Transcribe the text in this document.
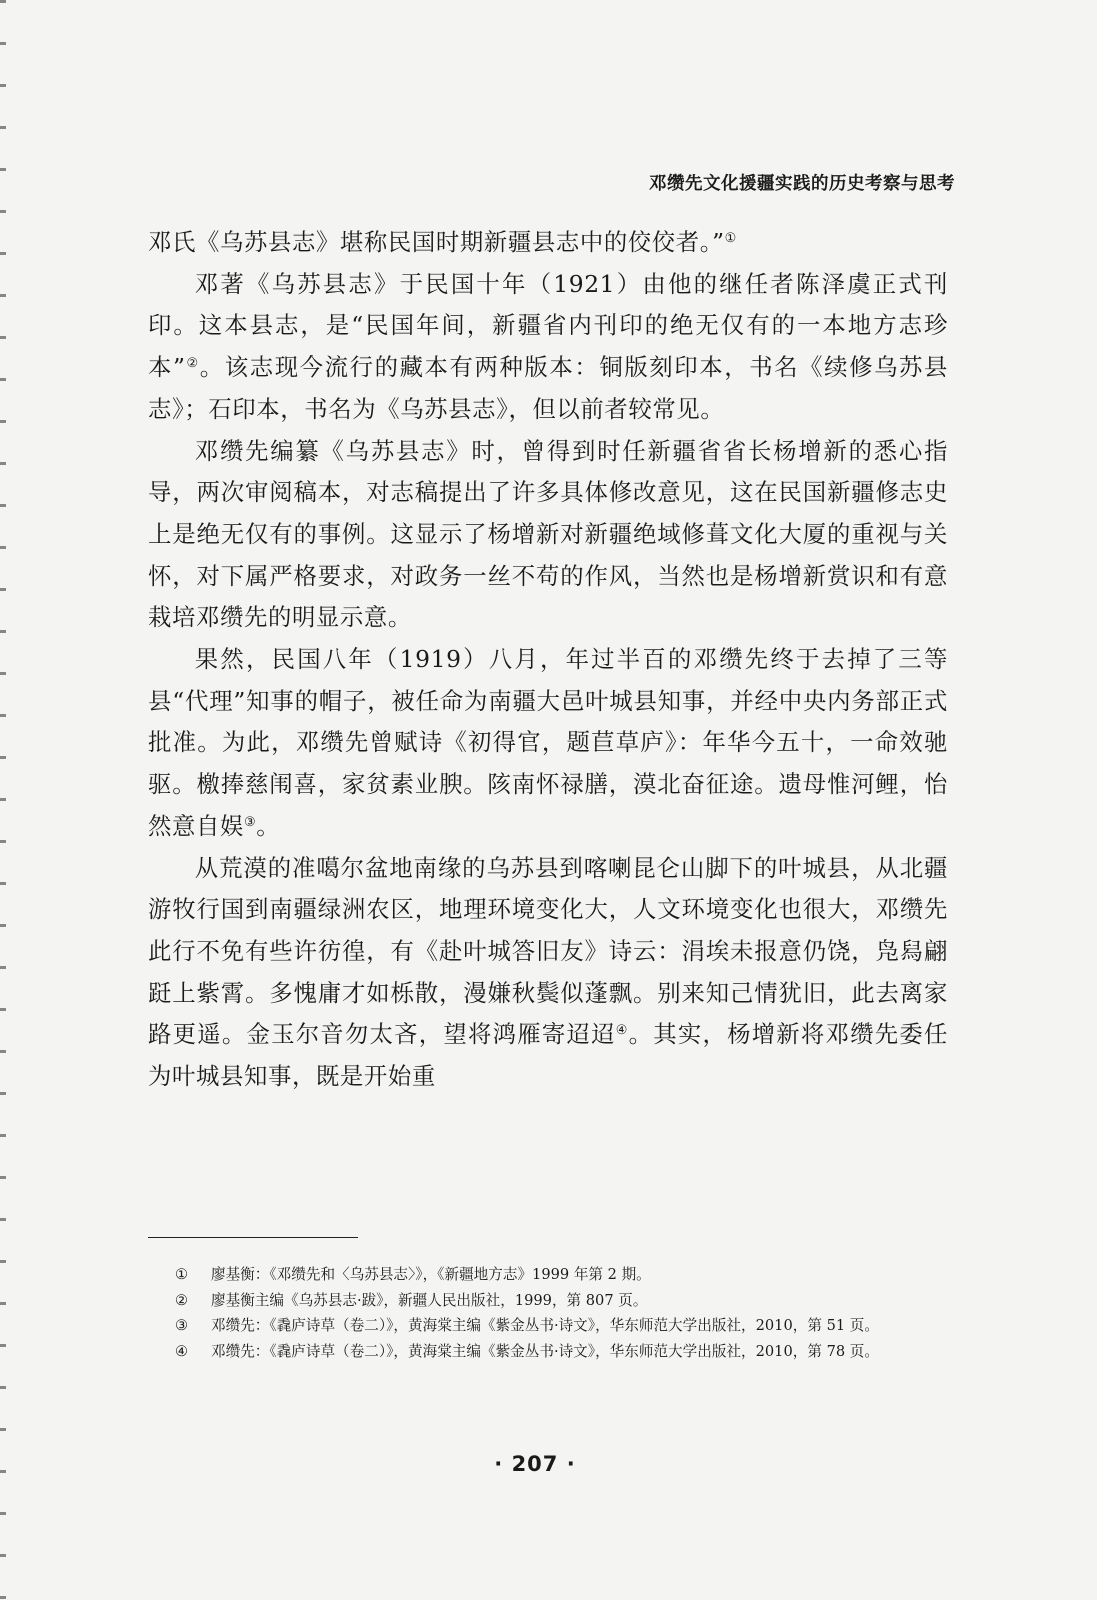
邓缵先文化援疆实践的历史考察与思考

邓氏《乌苏县志》堪称民国时期新疆县志中的佼佼者。”①

邓著《乌苏县志》于民国十年（1921）由他的继任者陈泽虞正式刊印。这本县志，是“民国年间，新疆省内刊印的绝无仅有的一本地方志珍本”②。该志现今流行的藏本有两种版本：铜版刻印本，书名《续修乌苏县志》；石印本，书名为《乌苏县志》，但以前者较常见。

邓缵先编纂《乌苏县志》时，曾得到时任新疆省省长杨增新的悉心指导，两次审阅稿本，对志稿提出了许多具体修改意见，这在民国新疆修志史上是绝无仅有的事例。这显示了杨增新对新疆绝域修葺文化大厦的重视与关怀，对下属严格要求，对政务一丝不苟的作风，当然也是杨增新赏识和有意栽培邓缵先的明显示意。

果然，民国八年（1919）八月，年过半百的邓缵先终于去掉了三等县“代理”知事的帽子，被任命为南疆大邑叶城县知事，并经中央内务部正式批准。为此，邓缵先曾赋诗《初得官，题苣草庐》：年华今五十，一命效驰驱。檄捧慈闱喜，家贫素业腴。陔南怀禄膳，漠北奋征途。遗母惟河鲤，怡然意自娱③。

从荒漠的准噶尔盆地南缘的乌苏县到喀喇昆仑山脚下的叶城县，从北疆游牧行国到南疆绿洲农区，地理环境变化大，人文环境变化也很大，邓缵先此行不免有些许彷徨，有《赴叶城答旧友》诗云：涓埃未报意仍饶，凫舄翩跹上紫霄。多愧庸才如栎散，漫嫌秋鬓似蓬飘。别来知己情犹旧，此去离家路更遥。金玉尔音勿太吝，望将鸿雁寄迢迢④。其实，杨增新将邓缵先委任为叶城县知事，既是开始重

①	廖基衡：《邓缵先和〈乌苏县志〉》，《新疆地方志》1999 年第 2 期。
②	廖基衡主编《乌苏县志·跋》，新疆人民出版社，1999，第 807 页。
③	邓缵先：《毳庐诗草（卷二）》，黄海棠主编《紫金丛书·诗文》，华东师范大学出版社，2010，第 51 页。
④	邓缵先：《毳庐诗草（卷二）》，黄海棠主编《紫金丛书·诗文》，华东师范大学出版社，2010，第 78 页。
· 207 ·
